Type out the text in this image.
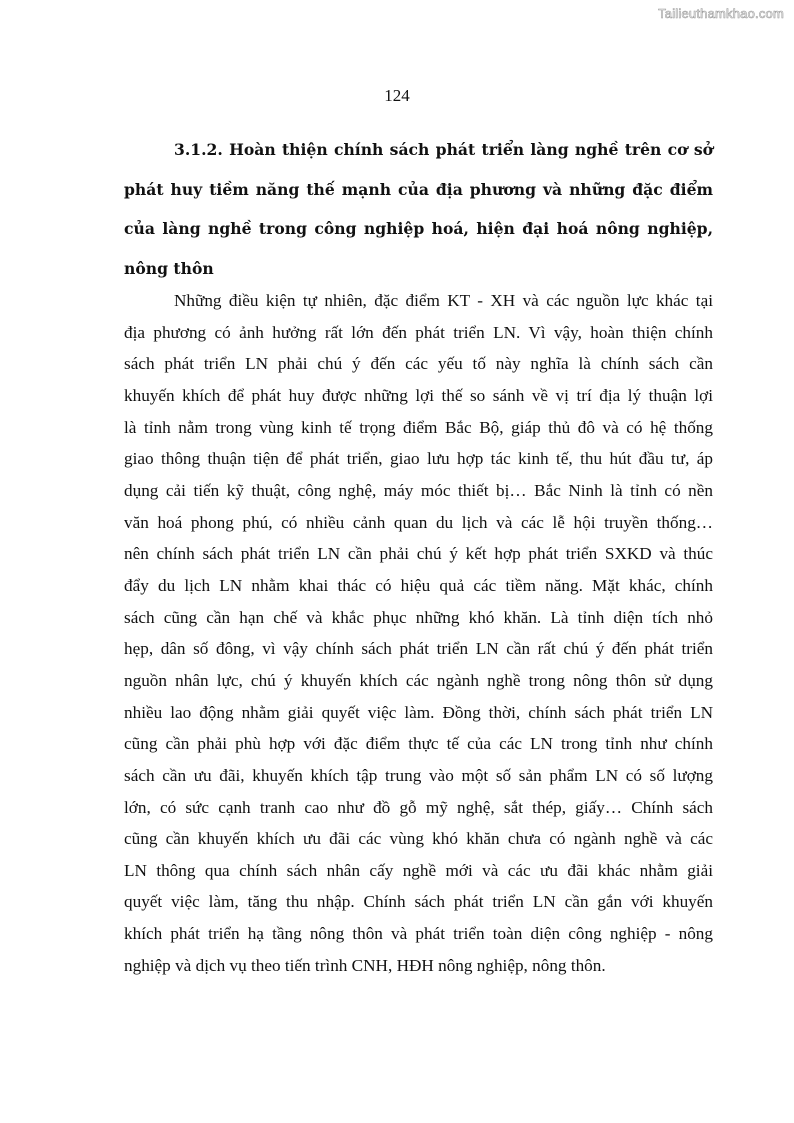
Tailieuthamkhao.com
124
3.1.2. Hoàn thiện chính sách phát triển làng nghề trên cơ sở
phát huy tiềm năng thế mạnh của địa phương và những đặc điểm
của làng nghề trong công nghiệp hoá, hiện đại hoá nông nghiệp,
nông thôn
Những điều kiện tự nhiên, đặc điểm KT - XH và các nguồn lực khác tại
địa phương có ảnh hưởng rất lớn đến phát triển LN. Vì vậy, hoàn thiện chính
sách phát triển LN phải chú ý đến các yếu tố này nghĩa là chính sách cần
khuyến khích để phát huy được những lợi thế so sánh về vị trí địa lý thuận lợi
là tỉnh nằm trong vùng kinh tế trọng điểm Bắc Bộ, giáp thủ đô và có hệ thống
giao thông thuận tiện để phát triển, giao lưu hợp tác kinh tế, thu hút đầu tư, áp
dụng cải tiến kỹ thuật, công nghệ, máy móc thiết bị… Bắc Ninh là tỉnh có nền
văn hoá phong phú, có nhiều cảnh quan du lịch và các lễ hội truyền thống…
nên chính sách phát triển LN cần phải chú ý kết hợp phát triển SXKD và thúc
đẩy du lịch LN nhằm khai thác có hiệu quả các tiềm năng. Mặt khác, chính
sách cũng cần hạn chế và khắc phục những khó khăn. Là tỉnh diện tích nhỏ
hẹp, dân số đông, vì vậy chính sách phát triển LN cần rất chú ý đến phát triển
nguồn nhân lực, chú ý khuyến khích các ngành nghề trong nông thôn sử dụng
nhiều lao động nhằm giải quyết việc làm. Đồng thời, chính sách phát triển LN
cũng cần phải phù hợp với đặc điểm thực tế của các LN trong tỉnh như chính
sách cần ưu đãi, khuyến khích tập trung vào một số sản phẩm LN có số lượng
lớn, có sức cạnh tranh cao như đồ gỗ mỹ nghệ, sắt thép, giấy… Chính sách
cũng cần khuyến khích ưu đãi các vùng khó khăn chưa có ngành nghề và các
LN thông qua chính sách nhân cấy nghề mới và các ưu đãi khác nhằm giải
quyết việc làm, tăng thu nhập. Chính sách phát triển LN cần gắn với khuyến
khích phát triển hạ tầng nông thôn và phát triển toàn diện công nghiệp - nông
nghiệp và dịch vụ theo tiến trình CNH, HĐH nông nghiệp, nông thôn.
